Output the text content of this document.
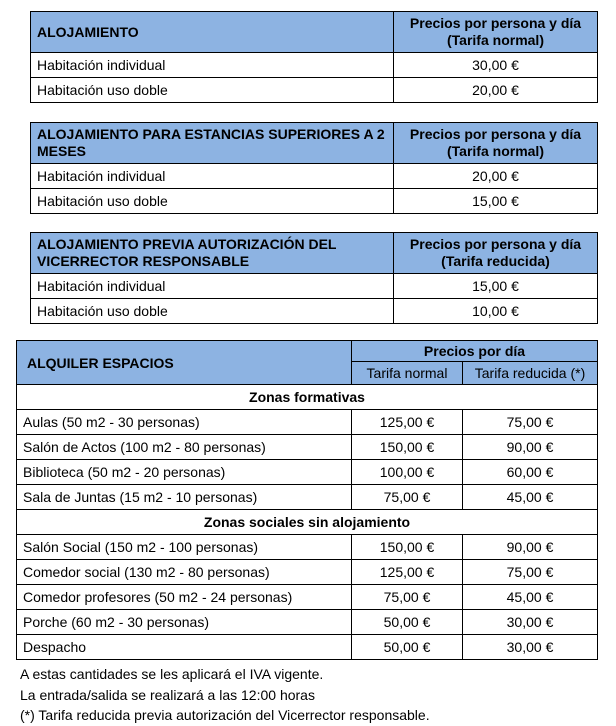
ALOJAMIENTO	Precios por persona y día (Tarifa normal)
Habitación individual	30,00 €
Habitación uso doble	20,00 €
ALOJAMIENTO PARA ESTANCIAS SUPERIORES A 2 MESES	Precios por persona y día (Tarifa normal)
Habitación individual	20,00 €
Habitación uso doble	15,00 €
ALOJAMIENTO PREVIA AUTORIZACIÓN DEL VICERRECTOR RESPONSABLE	Precios por persona y día (Tarifa reducida)
Habitación individual	15,00 €
Habitación uso doble	10,00 €
ALQUILER ESPACIOS	Precios por día	
	Tarifa normal	Tarifa reducida (*)
Zonas formativas		
Aulas (50 m2 - 30 personas)	125,00 €	75,00 €
Salón de Actos (100 m2 - 80 personas)	150,00 €	90,00 €
Biblioteca (50 m2 - 20 personas)	100,00 €	60,00 €
Sala de Juntas (15 m2 - 10 personas)	75,00 €	45,00 €
Zonas sociales sin alojamiento		
Salón Social (150 m2 - 100 personas)	150,00 €	90,00 €
Comedor social (130 m2 - 80 personas)	125,00 €	75,00 €
Comedor profesores (50 m2 - 24 personas)	75,00 €	45,00 €
Porche (60 m2 - 30 personas)	50,00 €	30,00 €
Despacho	50,00 €	30,00 €
A estas cantidades se les aplicará el IVA vigente.
La entrada/salida se realizará a las 12:00 horas
(*) Tarifa reducida previa autorización del Vicerrector responsable.
